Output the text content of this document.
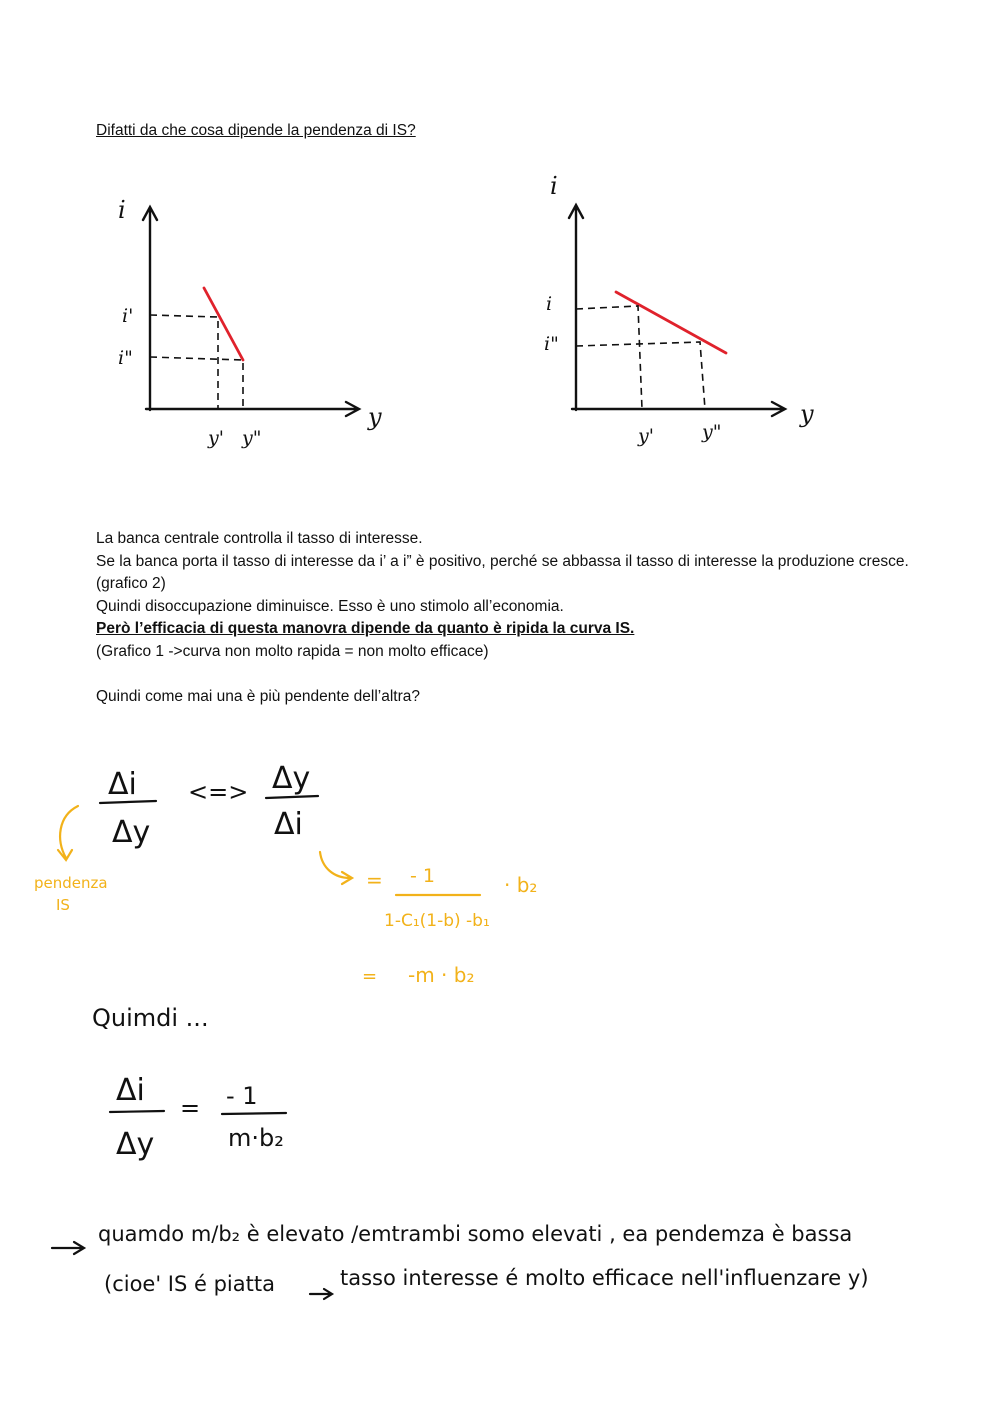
Difatti da che cosa dipende la pendenza di IS?
i
y
i'
i"
y' y"
i
y
i
i"
y'	y"

La banca centrale controlla il tasso di interesse.

Se la banca porta il tasso di interesse da i’ a i” è positivo, perché se abbassa il tasso di interesse la produzione cresce. (grafico 2)

Quindi disoccupazione diminuisce. Esso è uno stimolo all’economia.

Però l’efficacia di questa manovra dipende da quanto è ripida la curva IS.

(Grafico 1 ->curva non molto rapida = non molto efficace)

Quindi come mai una è più pendente dell’altra?

Δi
Δy
<=> Δy
Δi
pendenza
IS
= - 1
1-C₁(1-b) -b₁
· b₂
= -m · b₂
Quimdi ...
Δi
Δy
= - 1
m·b₂
quamdo m/b₂ è elevato /emtrambi somo elevati , ea pendemza è bassa
(cioe' IS é piatta	tasso interesse é molto efficace nell'influenzare y)
